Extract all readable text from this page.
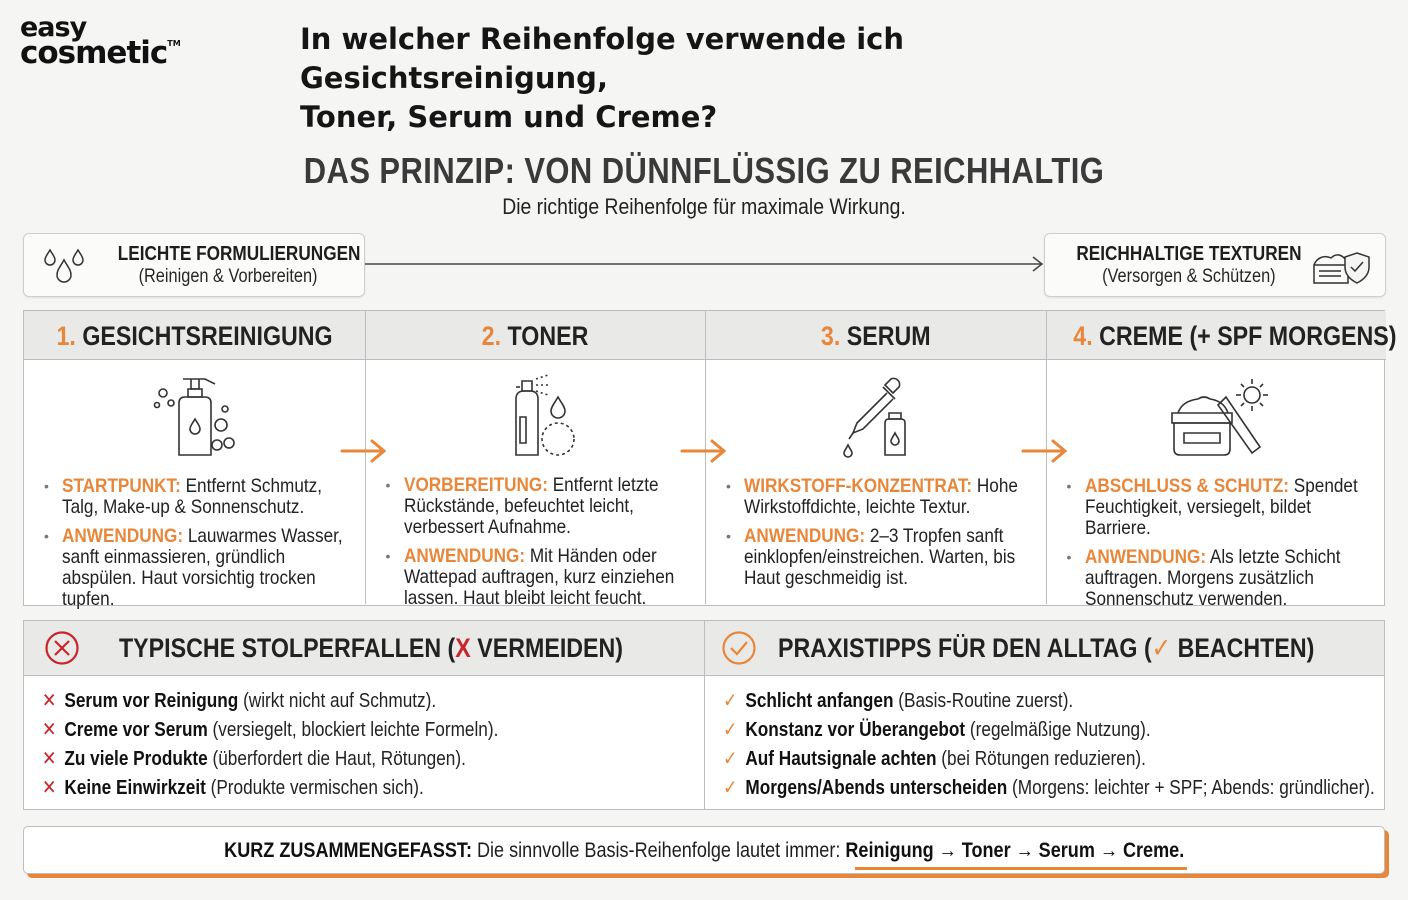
easy
cosmetic™	In welcher Reihenfolge verwende ich Gesichtsreinigung,
Toner, Serum und Creme?
DAS PRINZIP: VON DÜNNFLÜSSIG ZU REICHHALTIG
Die richtige Reihenfolge für maximale Wirkung.
LEICHTE FORMULIERUNGEN
(Reinigen & Vorbereiten)
REICHHALTIGE TEXTUREN
(Versorgen & Schützen)
1. GESICHTSREINIGUNG
• STARTPUNKT: Entfernt Schmutz, Talg, Make-up & Sonnenschutz.
• ANWENDUNG: Lauwarmes Wasser, sanft einmassieren, gründlich abspülen. Haut vorsichtig trocken tupfen.
2. TONER
• VORBEREITUNG: Entfernt letzte Rückstände, befeuchtet leicht, verbessert Aufnahme.
• ANWENDUNG: Mit Händen oder Wattepad auftragen, kurz einziehen lassen. Haut bleibt leicht feucht.
3. SERUM
• WIRKSTOFF-KONZENTRAT: Hohe Wirkstoffdichte, leichte Textur.
• ANWENDUNG: 2–3 Tropfen sanft einklopfen/einstreichen. Warten, bis Haut geschmeidig ist.
4. CREME (+ SPF MORGENS)
• ABSCHLUSS & SCHUTZ: Spendet Feuchtigkeit, versiegelt, bildet Barriere.
• ANWENDUNG: Als letzte Schicht auftragen. Morgens zusätzlich Sonnenschutz verwenden.
TYPISCHE STOLPERFALLEN (X VERMEIDEN)
✕ Serum vor Reinigung (wirkt nicht auf Schmutz).
✕ Creme vor Serum (versiegelt, blockiert leichte Formeln).
✕ Zu viele Produkte (überfordert die Haut, Rötungen).
✕ Keine Einwirkzeit (Produkte vermischen sich).
PRAXISTIPPS FÜR DEN ALLTAG (✓ BEACHTEN)
✓ Schlicht anfangen (Basis-Routine zuerst).
✓ Konstanz vor Überangebot (regelmäßige Nutzung).
✓ Auf Hautsignale achten (bei Rötungen reduzieren).
✓ Morgens/Abends unterscheiden (Morgens: leichter + SPF; Abends: gründlicher).
KURZ ZUSAMMENGEFASST: Die sinnvolle Basis-Reihenfolge lautet immer: Reinigung → Toner → Serum → Creme.
